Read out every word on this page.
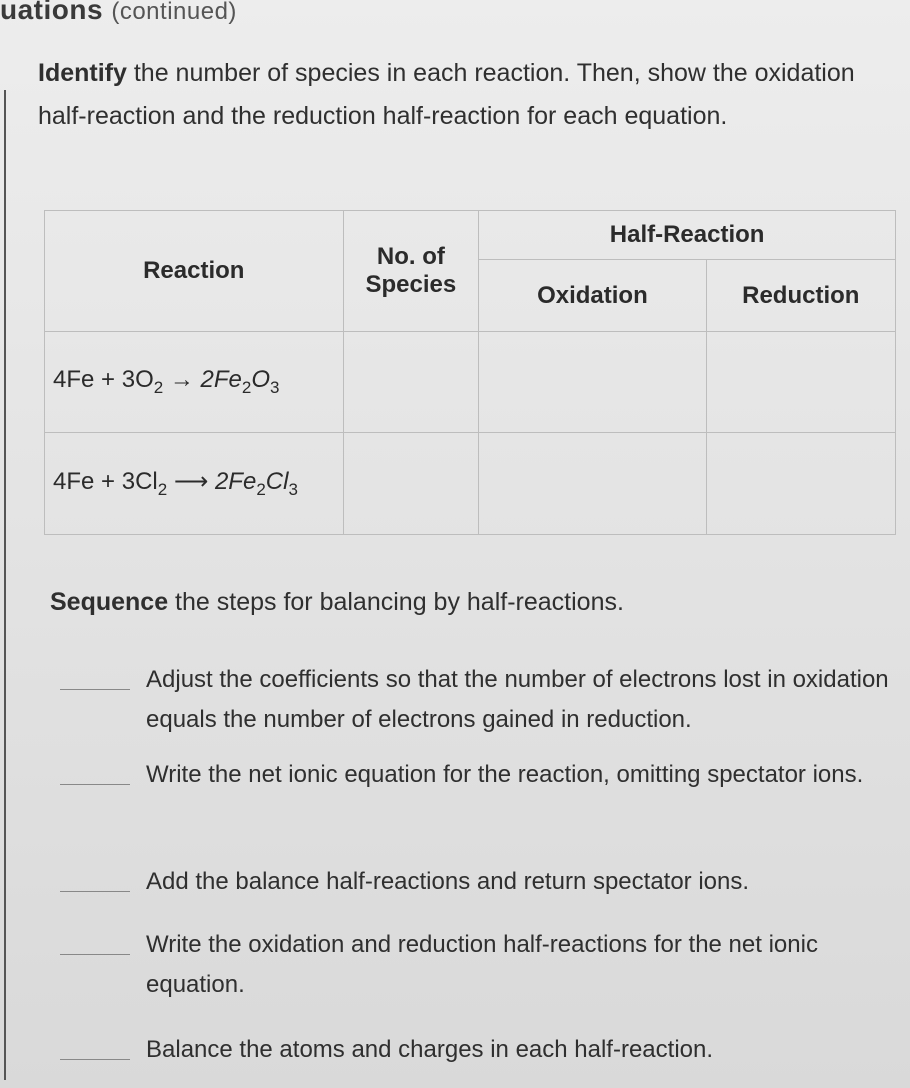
uations (continued)
Identify the number of species in each reaction. Then, show the oxidation half-reaction and the reduction half-reaction for each equation.
Reaction	No. of Species	Half-Reaction	
		Oxidation	Reduction
$4Fe + 3O_2 \to 2Fe_2O_3$			
$4Fe + 3Cl_2$ ⟶ $2Fe_2Cl_3$			
Sequence the steps for balancing by half-reactions.
Adjust the coefficients so that the number of electrons lost in oxidation equals the number of electrons gained in reduction.
Write the net ionic equation for the reaction, omitting spectator ions.
Add the balance half-reactions and return spectator ions.
Write the oxidation and reduction half-reactions for the net ionic equation.
Balance the atoms and charges in each half-reaction.
